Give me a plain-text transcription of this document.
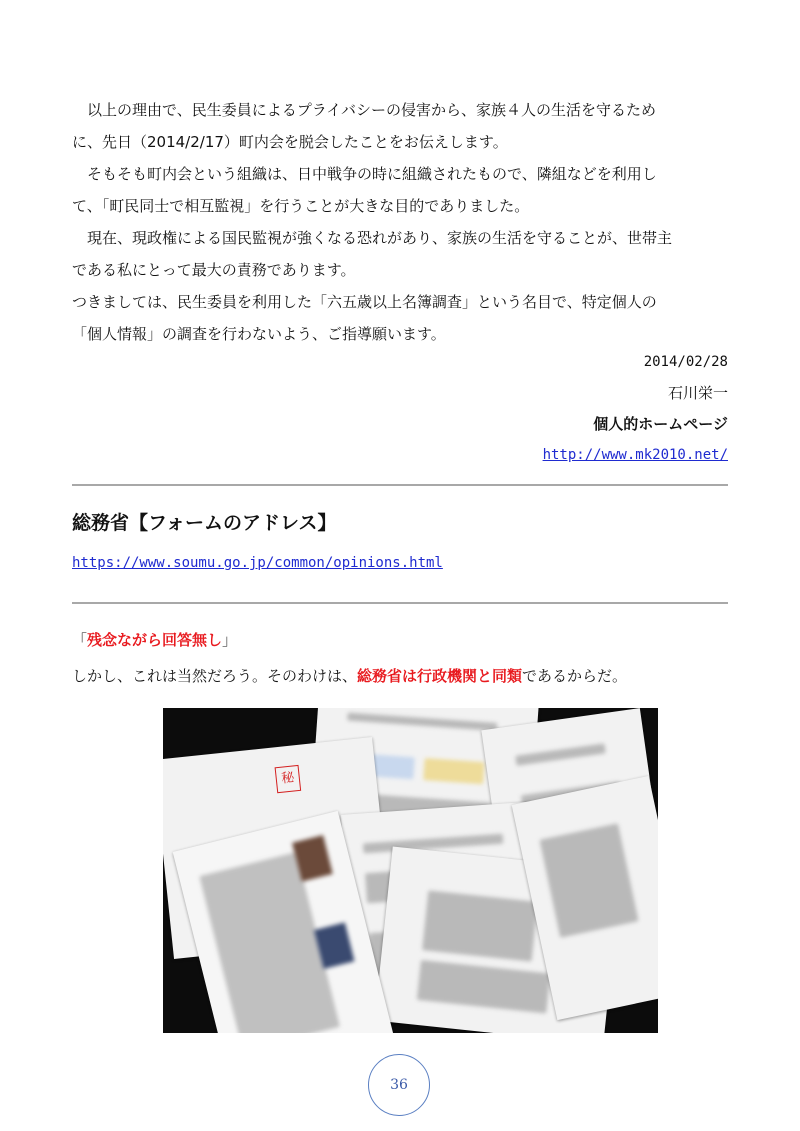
以上の理由で、民生委員によるプライバシーの侵害から、家族４人の生活を守るため
に、先日（2014/2/17）町内会を脱会したことをお伝えします。

そもそも町内会という組織は、日中戦争の時に組織されたもので、隣組などを利用し
て、「町民同士で相互監視」を行うことが大きな目的でありました。

現在、現政権による国民監視が強くなる恐れがあり、家族の生活を守ることが、世帯主
である私にとって最大の責務であります。

つきましては、民生委員を利用した「六五歳以上名簿調査」という名目で、特定個人の
「個人情報」の調査を行わないよう、ご指導願います。

2014/02/28
石川栄一
個人的ホームページ
http://www.mk2010.net/
総務省【フォームのアドレス】
https://www.soumu.go.jp/common/opinions.html
「残念ながら回答無し」
しかし、これは当然だろう。そのわけは、総務省は行政機関と同類であるからだ。
秘
36
